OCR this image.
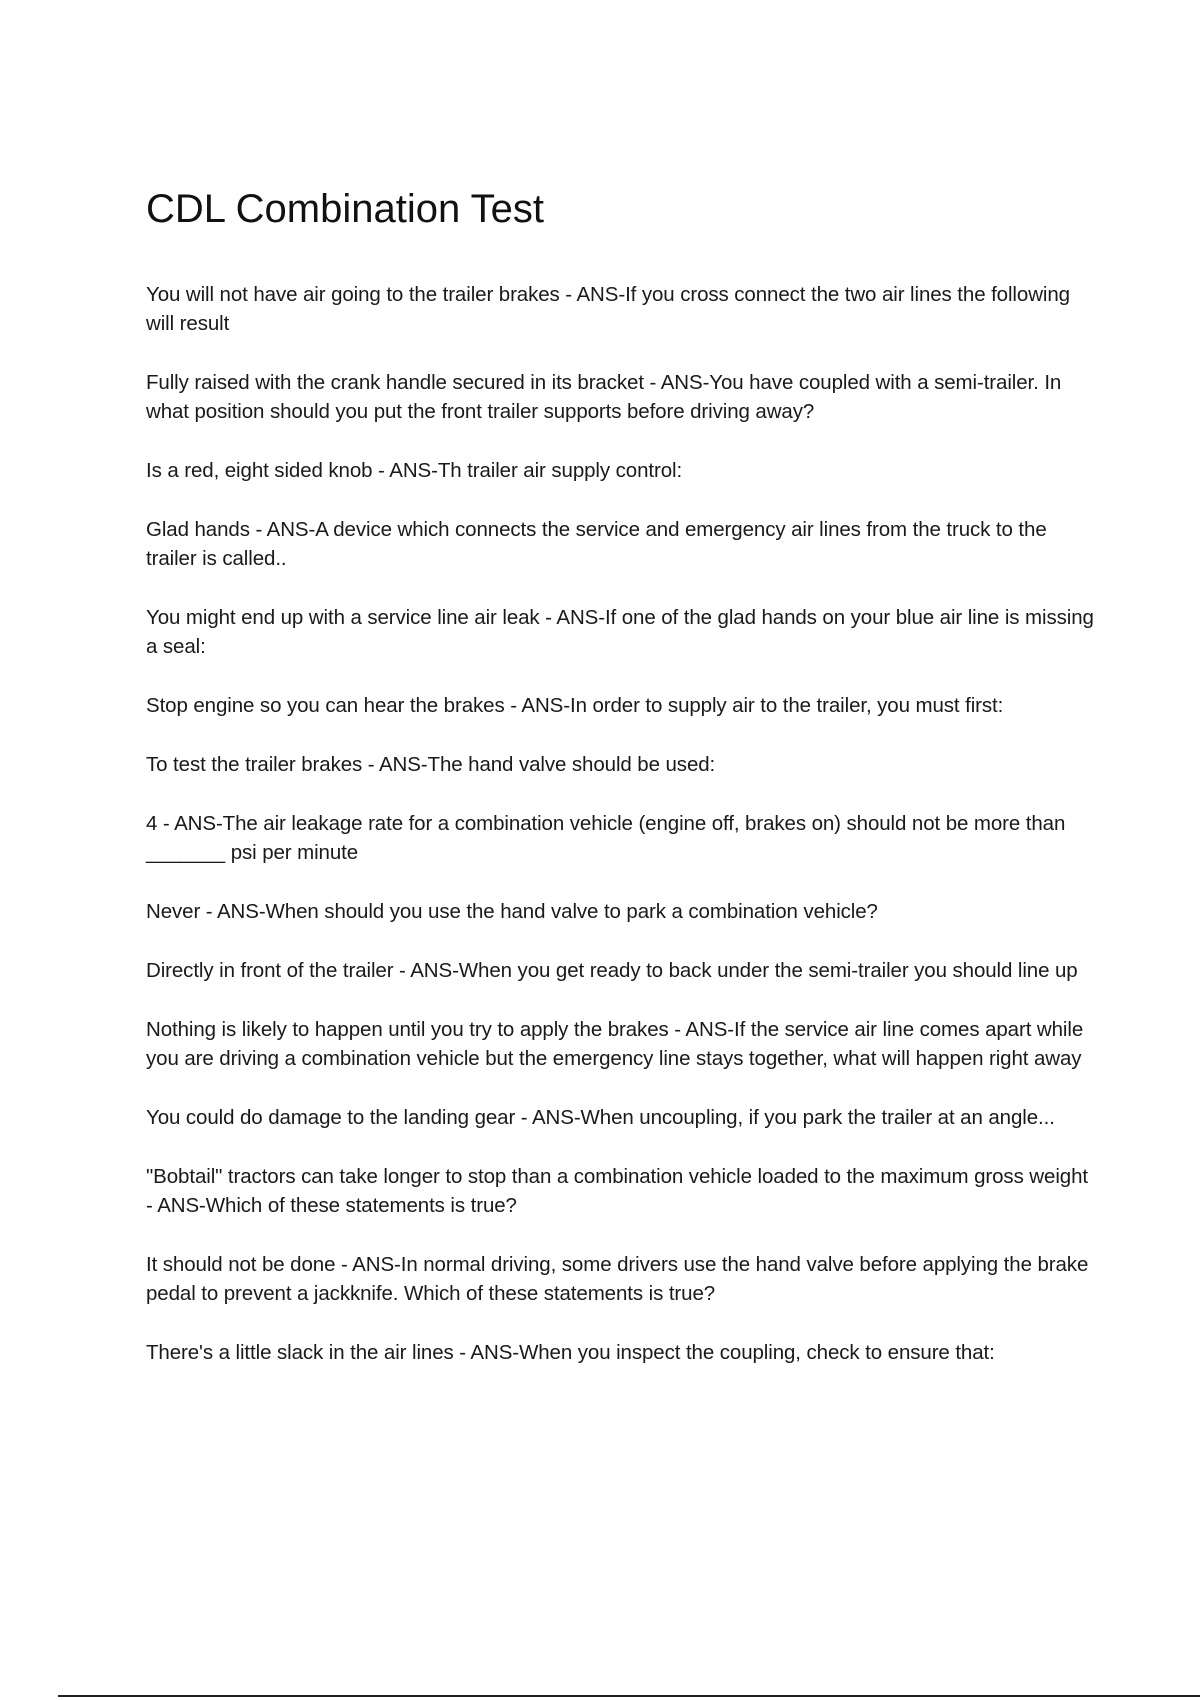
CDL Combination Test
You will not have air going to the trailer brakes - ANS-If you cross connect the two air lines the following will result
Fully raised with the crank handle secured in its bracket - ANS-You have coupled with a semi-trailer. In what position should you put the front trailer supports before driving away?
Is a red, eight sided knob - ANS-Th trailer air supply control:
Glad hands - ANS-A device which connects the service and emergency air lines from the truck to the trailer is called..
You might end up with a service line air leak - ANS-If one of the glad hands on your blue air line is missing a seal:
Stop engine so you can hear the brakes - ANS-In order to supply air to the trailer, you must first:
To test the trailer brakes - ANS-The hand valve should be used:
4 - ANS-The air leakage rate for a combination vehicle (engine off, brakes on) should not be more than _______ psi per minute
Never - ANS-When should you use the hand valve to park a combination vehicle?
Directly in front of the trailer - ANS-When you get ready to back under the semi-trailer you should line up
Nothing is likely to happen until you try to apply the brakes - ANS-If the service air line comes apart while you are driving a combination vehicle but the emergency line stays together, what will happen right away
You could do damage to the landing gear - ANS-When uncoupling, if you park the trailer at an angle...
"Bobtail" tractors can take longer to stop than a combination vehicle loaded to the maximum gross weight - ANS-Which of these statements is true?
It should not be done - ANS-In normal driving, some drivers use the hand valve before applying the brake pedal to prevent a jackknife. Which of these statements is true?
There's a little slack in the air lines - ANS-When you inspect the coupling, check to ensure that:
